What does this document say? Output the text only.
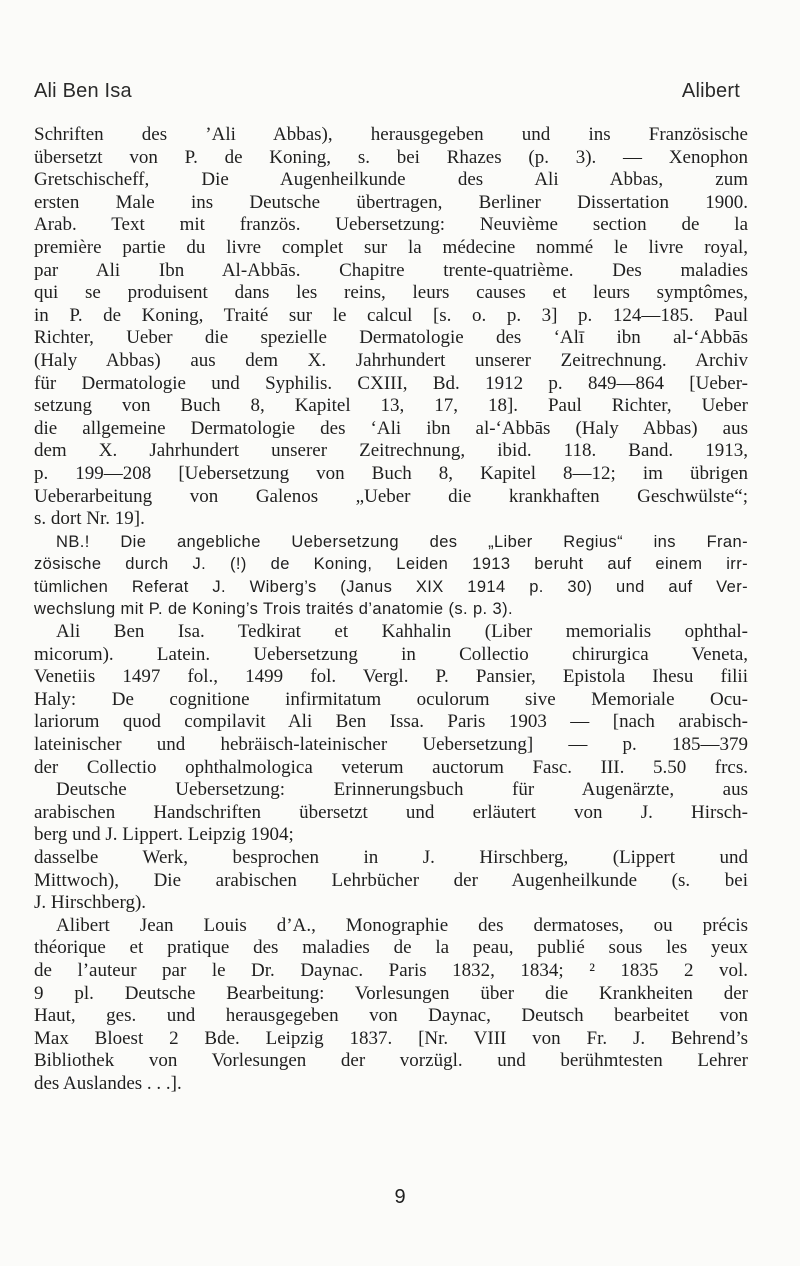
Ali Ben Isa	Alibert
Schriften des ’Ali Abbas), herausgegeben und ins Französische
übersetzt von P. de Koning, s. bei Rhazes (p. 3). — Xenophon
Gretschischeff, Die Augenheilkunde des Ali Abbas, zum
ersten Male ins Deutsche übertragen, Berliner Dissertation 1900.
Arab. Text mit französ. Uebersetzung: Neuvième section de la
première partie du livre complet sur la médecine nommé le livre royal,
par Ali Ibn Al-Abbās. Chapitre trente-quatrième. Des maladies
qui se produisent dans les reins, leurs causes et leurs symptômes,
in P. de Koning, Traité sur le calcul [s. o. p. 3] p. 124—185. Paul
Richter, Ueber die spezielle Dermatologie des ‘Alī ibn al-‘Abbās
(Haly Abbas) aus dem X. Jahrhundert unserer Zeitrechnung. Archiv
für Dermatologie und Syphilis. CXIII, Bd. 1912 p. 849—864 [Ueber-
setzung von Buch 8, Kapitel 13, 17, 18]. Paul Richter, Ueber
die allgemeine Dermatologie des ‘Ali ibn al-‘Abbās (Haly Abbas) aus
dem X. Jahrhundert unserer Zeitrechnung, ibid. 118. Band. 1913,
p. 199—208 [Uebersetzung von Buch 8, Kapitel 8—12; im übrigen
Ueberarbeitung von Galenos „Ueber die krankhaften Geschwülste“;
s. dort Nr. 19].
NB.! Die angebliche Uebersetzung des „Liber Regius“ ins Fran-
zösische durch J. (!) de Koning, Leiden 1913 beruht auf einem irr-
tümlichen Referat J. Wiberg’s (Janus XIX 1914 p. 30) und auf Ver-
wechslung mit P. de Koning’s Trois traités d’anatomie (s. p. 3).
Ali Ben Isa. Tedkirat et Kahhalin (Liber memorialis ophthal-
micorum). Latein. Uebersetzung in Collectio chirurgica Veneta,
Venetiis 1497 fol., 1499 fol. Vergl. P. Pansier, Epistola Ihesu filii
Haly: De cognitione infirmitatum oculorum sive Memoriale Ocu-
lariorum quod compilavit Ali Ben Issa. Paris 1903 — [nach arabisch-
lateinischer und hebräisch-lateinischer Uebersetzung] — p. 185—379
der Collectio ophthalmologica veterum auctorum Fasc. III. 5.50 frcs.
Deutsche Uebersetzung: Erinnerungsbuch für Augenärzte, aus
arabischen Handschriften übersetzt und erläutert von J. Hirsch-
berg und J. Lippert. Leipzig 1904;
dasselbe Werk, besprochen in J. Hirschberg, (Lippert und
Mittwoch), Die arabischen Lehrbücher der Augenheilkunde (s. bei
J. Hirschberg).
Alibert Jean Louis d’A., Monographie des dermatoses, ou précis
théorique et pratique des maladies de la peau, publié sous les yeux
de l’auteur par le Dr. Daynac. Paris 1832, 1834; ² 1835 2 vol.
9 pl. Deutsche Bearbeitung: Vorlesungen über die Krankheiten der
Haut, ges. und herausgegeben von Daynac, Deutsch bearbeitet von
Max Bloest 2 Bde. Leipzig 1837. [Nr. VIII von Fr. J. Behrend’s
Bibliothek von Vorlesungen der vorzügl. und berühmtesten Lehrer
des Auslandes . . .].
9
